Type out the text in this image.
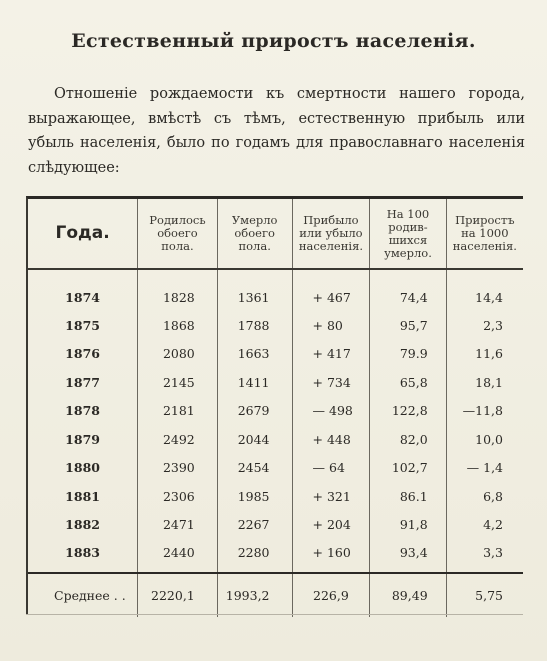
Естественный приростъ населенія.

Отношеніе рождаемости къ смертности нашего города, выражающее, вмѣстѣ съ тѣмъ, естественную прибыль или убыль населенія, было по годамъ для православнаго населенія слѣдующее:

Года.	Родилось обоего пола.	Умерло обоего пола.	Прибыло или убыло населенія.	На 100 родив- шихся умерло.	Приростъ на 1000 населенія.
1874	1828	1361	+ 467	74,4	14,4
1875	1868	1788	+ 80	95,7	2,3
1876	2080	1663	+ 417	79.9	11,6
1877	2145	1411	+ 734	65,8	18,1
1878	2181	2679	— 498	122,8	—11,8
1879	2492	2044	+ 448	82,0	10,0
1880	2390	2454	— 64	102,7	— 1,4
1881	2306	1985	+ 321	86.1	6,8
1882	2471	2267	+ 204	91,8	4,2
1883	2440	2280	+ 160	93,4	3,3
Среднее . .	2220,1	1993,2	226,9	89,49	5,75
